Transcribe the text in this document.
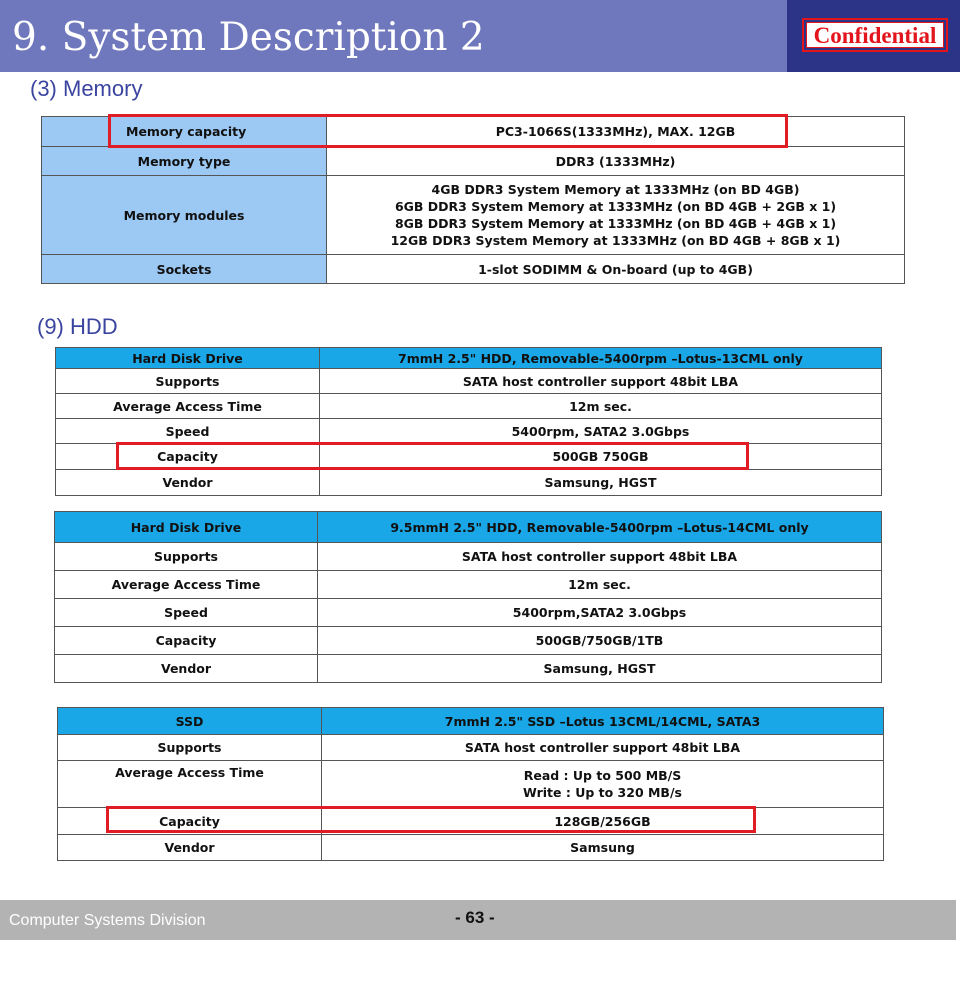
9. System Description 2	Confidential
(3) Memory
Memory capacity	PC3-1066S(1333MHz), MAX. 12GB
Memory type	DDR3 (1333MHz)
Memory modules	4GB DDR3 System Memory at 1333MHz (on BD 4GB)
6GB DDR3 System Memory at 1333MHz (on BD 4GB + 2GB x 1)
8GB DDR3 System Memory at 1333MHz (on BD 4GB + 4GB x 1)
12GB DDR3 System Memory at 1333MHz (on BD 4GB + 8GB x 1)

Sockets	1-slot SODIMM & On-board (up to 4GB)
(9) HDD
Hard Disk Drive	7mmH 2.5" HDD, Removable-5400rpm –Lotus-13CML only
Supports	SATA host controller support 48bit LBA
Average Access Time	12m sec.
Speed	5400rpm, SATA2 3.0Gbps
Capacity	500GB 750GB
Vendor	Samsung, HGST
Hard Disk Drive	9.5mmH 2.5" HDD, Removable-5400rpm –Lotus-14CML only
Supports	SATA host controller support 48bit LBA
Average Access Time	12m sec.
Speed	5400rpm,SATA2 3.0Gbps
Capacity	500GB/750GB/1TB
Vendor	Samsung, HGST
SSD	7mmH 2.5" SSD –Lotus 13CML/14CML, SATA3
Supports	SATA host controller support 48bit LBA
Average Access Time	Read : Up to 500 MB/S
Write : Up to 320 MB/s

Capacity	128GB/256GB
Vendor	Samsung
Computer Systems Division	- 63 -
